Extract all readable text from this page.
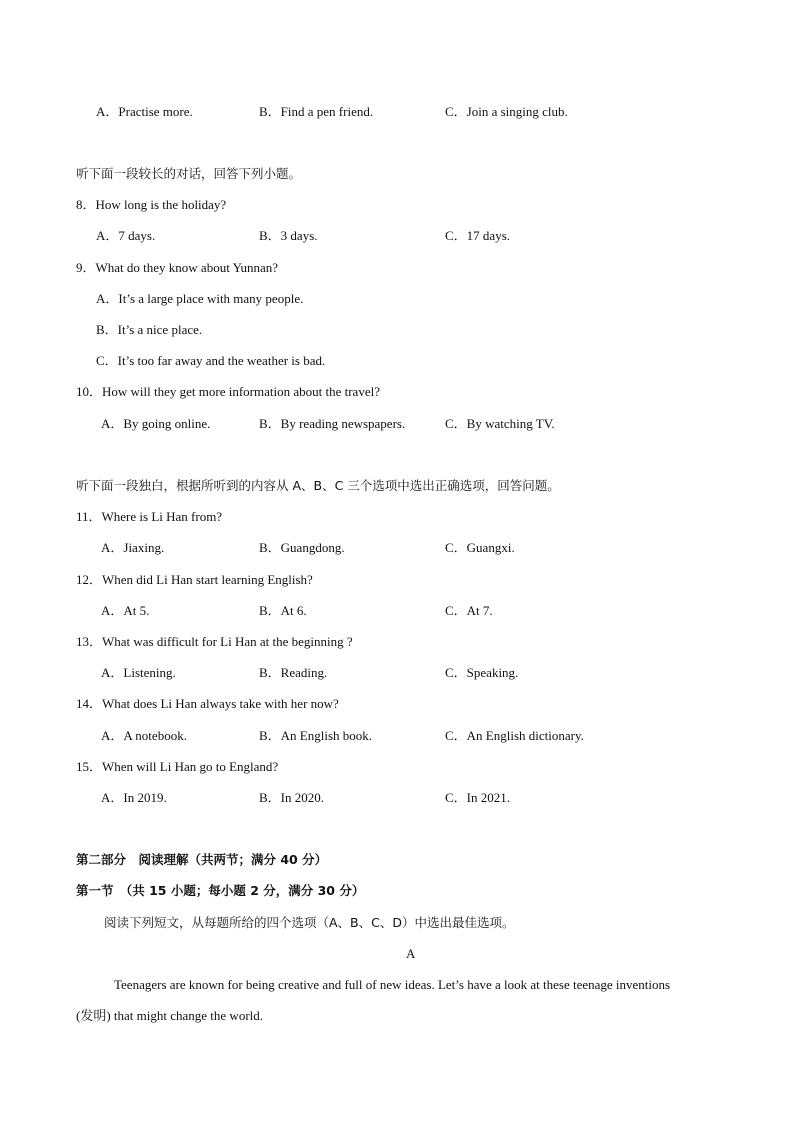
A．Practise more.	B．Find a pen friend.	C．Join a singing club.
听下面一段较长的对话，回答下列小题。
8．How long is the holiday?
A．7 days.	B．3 days.	C．17 days.
9．What do they know about Yunnan?
A．It’s a large place with many people.
B．It’s a nice place.
C．It’s too far away and the weather is bad.
10．How will they get more information about the travel?
A．By going online.	B．By reading newspapers.	C．By watching TV.
听下面一段独白，根据所听到的内容从 A、B、C 三个选项中选出正确选项，回答问题。
11．Where is Li Han from?
A．Jiaxing.	B．Guangdong.	C．Guangxi.
12．When did Li Han start learning English?
A．At 5.	B．At 6.	C．At 7.
13．What was difficult for Li Han at the beginning ?
A．Listening.	B．Reading.	C．Speaking.
14．What does Li Han always take with her now?
A．A notebook.	B．An English book.	C．An English dictionary.
15．When will Li Han go to England?
A．In 2019.	B．In 2020.	C．In 2021.
第二部分　阅读理解（共两节；满分 40 分）
第一节　（共 15 小题；每小题 2 分，满分 30 分）
阅读下列短文，从每题所给的四个选项（A、B、C、D）中选出最佳选项。
A
Teenagers are known for being creative and full of new ideas. Let’s have a look at these teenage inventions
(发明) that might change the world.
